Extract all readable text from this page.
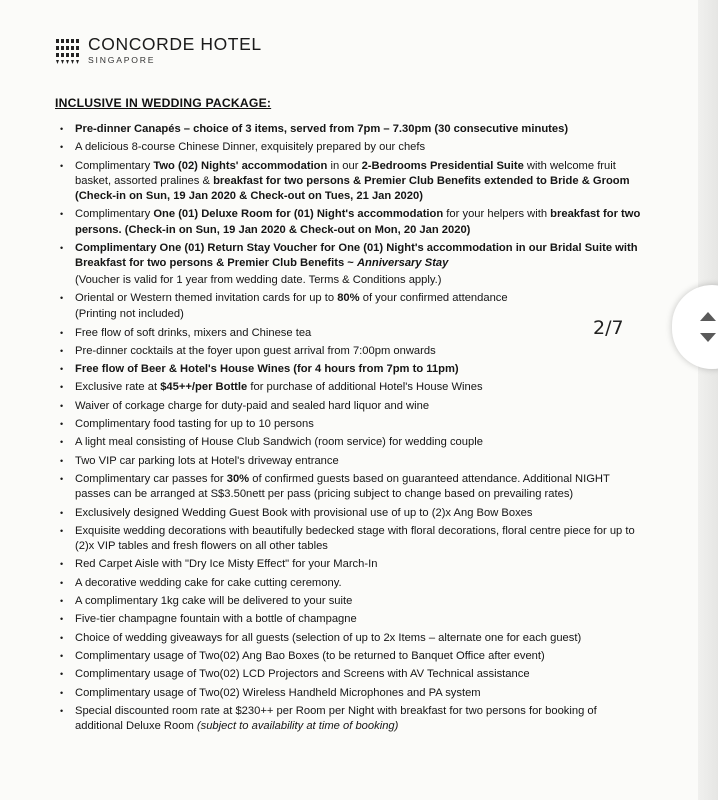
CONCORDE HOTEL
SINGAPORE
INCLUSIVE IN WEDDING PACKAGE:
• Pre-dinner Canapés – choice of 3 items, served from 7pm – 7.30pm (30 consecutive minutes)
• A delicious 8-course Chinese Dinner, exquisitely prepared by our chefs
• Complimentary Two (02) Nights' accommodation in our 2-Bedrooms Presidential Suite with welcome fruit basket, assorted pralines & breakfast for two persons & Premier Club Benefits extended to Bride & Groom (Check-in on Sun, 19 Jan 2020 & Check-out on Tues, 21 Jan 2020)
• Complimentary One (01) Deluxe Room for (01) Night's accommodation for your helpers with breakfast for two persons. (Check-in on Sun, 19 Jan 2020 & Check-out on Mon, 20 Jan 2020)
• Complimentary One (01) Return Stay Voucher for One (01) Night's accommodation in our Bridal Suite with Breakfast for two persons & Premier Club Benefits ~ Anniversary Stay
(Voucher is valid for 1 year from wedding date. Terms & Conditions apply.)
• Oriental or Western themed invitation cards for up to 80% of your confirmed attendance
(Printing not included)
• Free flow of soft drinks, mixers and Chinese tea
• Pre-dinner cocktails at the foyer upon guest arrival from 7:00pm onwards
• Free flow of Beer & Hotel's House Wines (for 4 hours from 7pm to 11pm)
• Exclusive rate at $45++/per Bottle for purchase of additional Hotel's House Wines
• Waiver of corkage charge for duty-paid and sealed hard liquor and wine
• Complimentary food tasting for up to 10 persons
• A light meal consisting of House Club Sandwich (room service) for wedding couple
• Two VIP car parking lots at Hotel's driveway entrance
• Complimentary car passes for 30% of confirmed guests based on guaranteed attendance. Additional NIGHT passes can be arranged at S$3.50nett per pass (pricing subject to change based on prevailing rates)
• Exclusively designed Wedding Guest Book with provisional use of up to (2)x Ang Bow Boxes
• Exquisite wedding decorations with beautifully bedecked stage with floral decorations, floral centre piece for up to (2)x VIP tables and fresh flowers on all other tables
• Red Carpet Aisle with "Dry Ice Misty Effect" for your March-In
• A decorative wedding cake for cake cutting ceremony.
• A complimentary 1kg cake will be delivered to your suite
• Five-tier champagne fountain with a bottle of champagne
• Choice of wedding giveaways for all guests (selection of up to 2x Items – alternate one for each guest)
• Complimentary usage of Two(02) Ang Bao Boxes (to be returned to Banquet Office after event)
• Complimentary usage of Two(02) LCD Projectors and Screens with AV Technical assistance
• Complimentary usage of Two(02) Wireless Handheld Microphones and PA system
• Special discounted room rate at $230++ per Room per Night with breakfast for two persons for booking of additional Deluxe Room (subject to availability at time of booking)
2/7
